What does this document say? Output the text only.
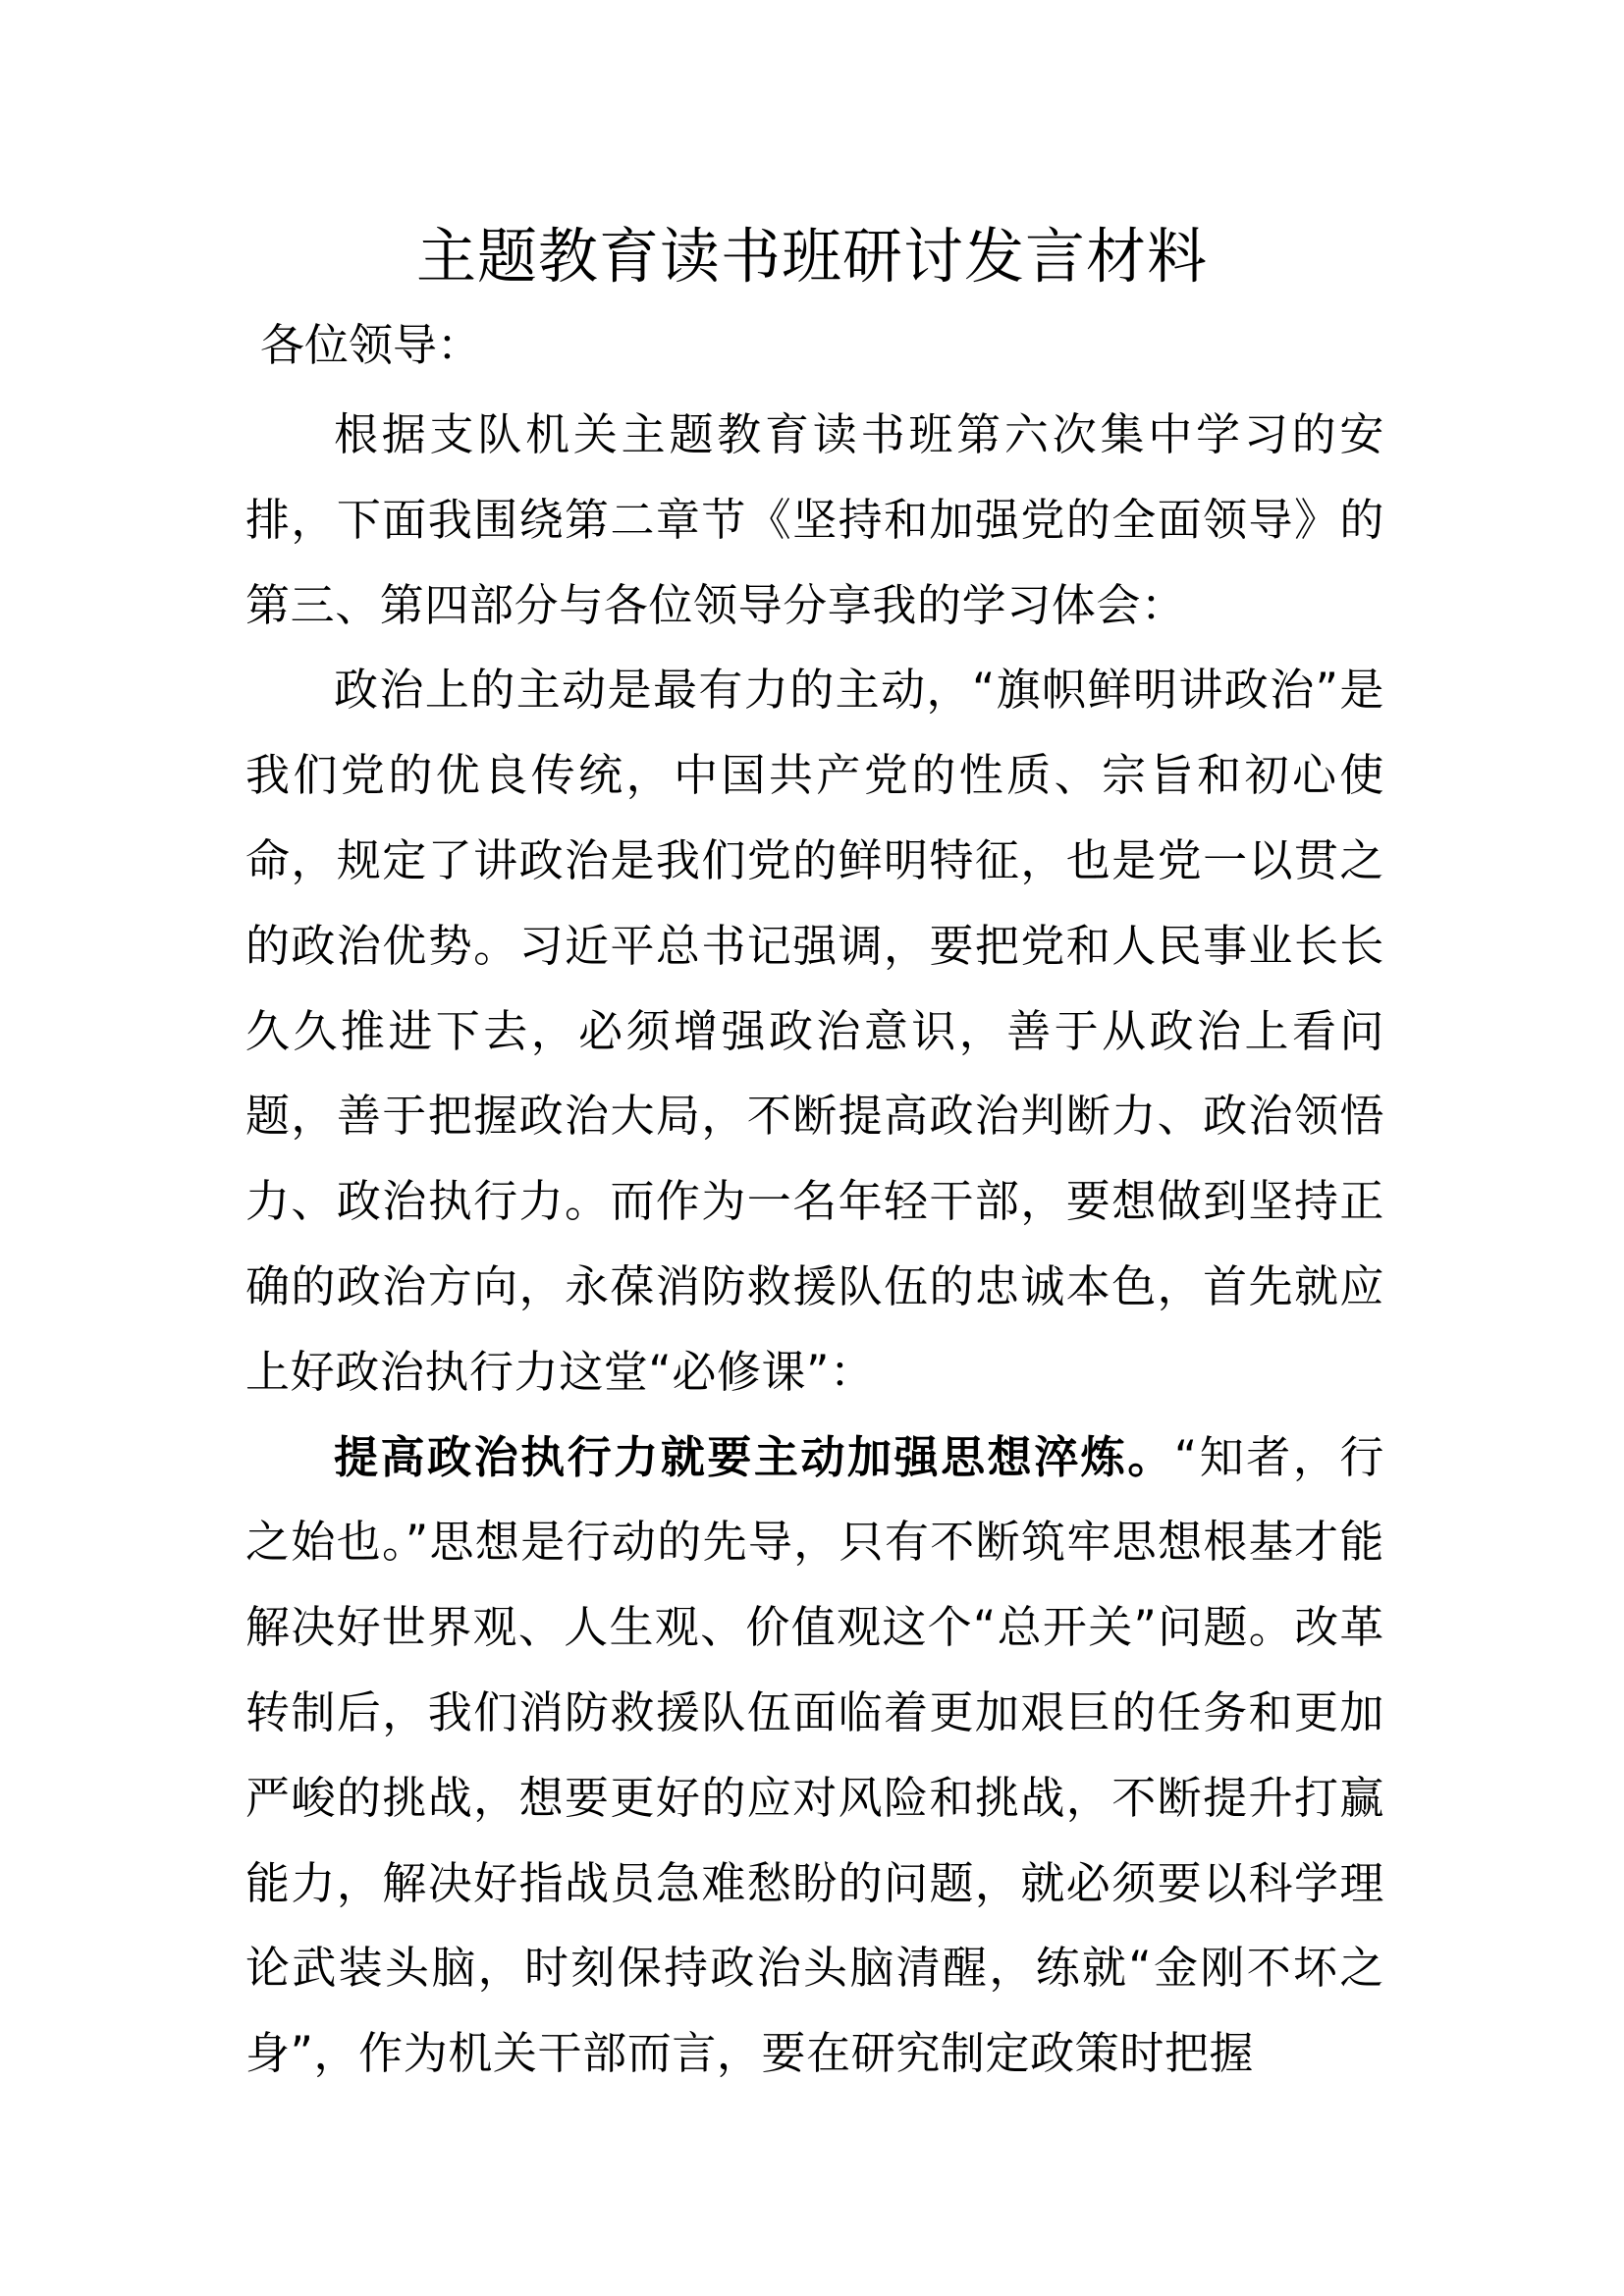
主题教育读书班研讨发言材料
各位领导：

根据支队机关主题教育读书班第六次集中学习的安排，下面我围绕第二章节《坚持和加强党的全面领导》的第三、第四部分与各位领导分享我的学习体会：

政治上的主动是最有力的主动，“旗帜鲜明讲政治”是我们党的优良传统，中国共产党的性质、宗旨和初心使命，规定了讲政治是我们党的鲜明特征，也是党一以贯之的政治优势。习近平总书记强调，要把党和人民事业长长久久推进下去，必须增强政治意识，善于从政治上看问题，善于把握政治大局，不断提高政治判断力、政治领悟力、政治执行力。而作为一名年轻干部，要想做到坚持正确的政治方向，永葆消防救援队伍的忠诚本色，首先就应上好政治执行力这堂“必修课”：

提高政治执行力就要主动加强思想淬炼。“知者，行之始也。”思想是行动的先导，只有不断筑牢思想根基才能解决好世界观、人生观、价值观这个“总开关”问题。改革转制后，我们消防救援队伍面临着更加艰巨的任务和更加严峻的挑战，想要更好的应对风险和挑战，不断提升打赢能力，解决好指战员急难愁盼的问题，就必须要以科学理论武装头脑，时刻保持政治头脑清醒，练就“金刚不坏之身”，作为机关干部而言，要在研究制定政策时把握
